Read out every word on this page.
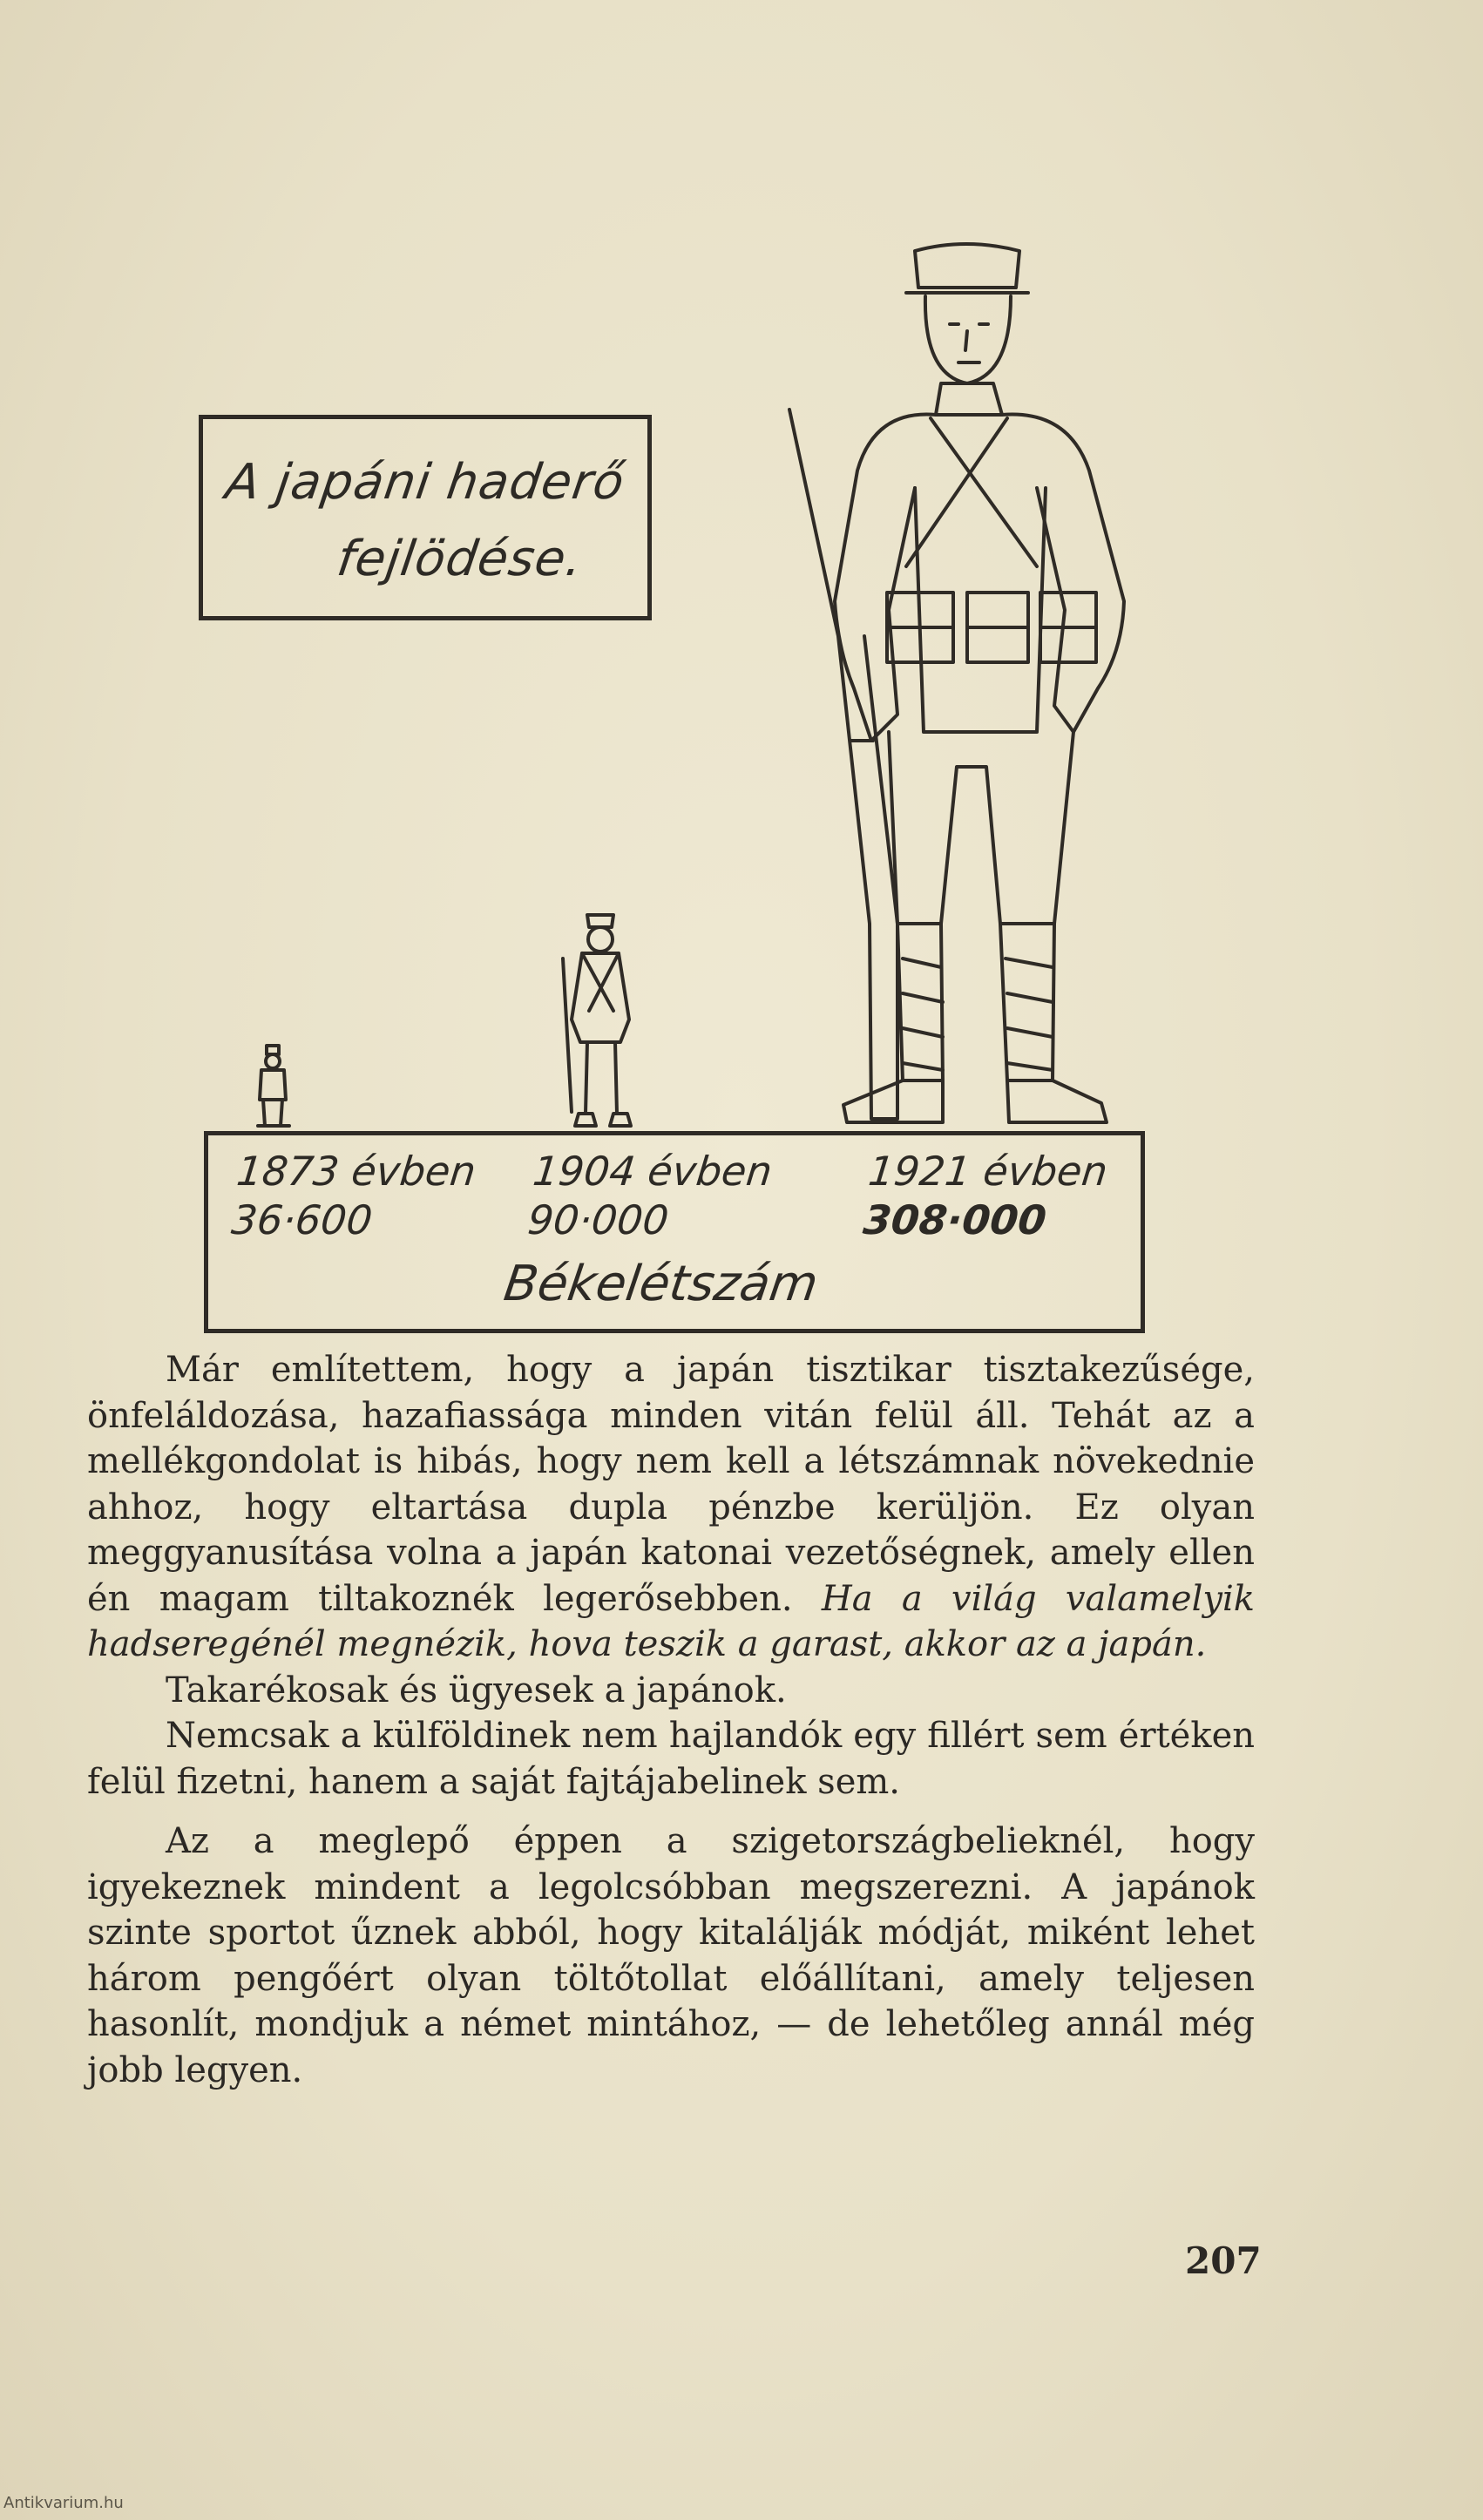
A japáni haderő
fejlödése.
1873 évben
36·600
1904 évben
90·000
1921 évben
308·000
Békelétszám

Már említettem, hogy a japán tisztikar tisztakezűsége, önfeláldozása, hazafiassága minden vitán felül áll. Tehát az a mellékgondolat is hibás, hogy nem kell a létszámnak növekednie ahhoz, hogy eltartása dupla pénzbe kerüljön. Ez olyan meggyanusítása volna a japán katonai vezetőségnek, amely ellen én magam tiltakoznék legerősebben. Ha a világ valamelyik hadseregénél megnézik, hova teszik a garast, akkor az a japán.

Takarékosak és ügyesek a japánok.

Nemcsak a külföldinek nem hajlandók egy fillért sem értéken felül fizetni, hanem a saját fajtájabelinek sem.

Az a meglepő éppen a szigetországbelieknél, hogy igyekeznek mindent a legolcsóbban megszerezni. A japánok szinte sportot űznek abból, hogy kitalálják módját, miként lehet három pengőért olyan töltőtollat előállítani, amely teljesen hasonlít, mondjuk a német mintához, — de lehetőleg annál még jobb legyen.

207
Antikvarium.hu
